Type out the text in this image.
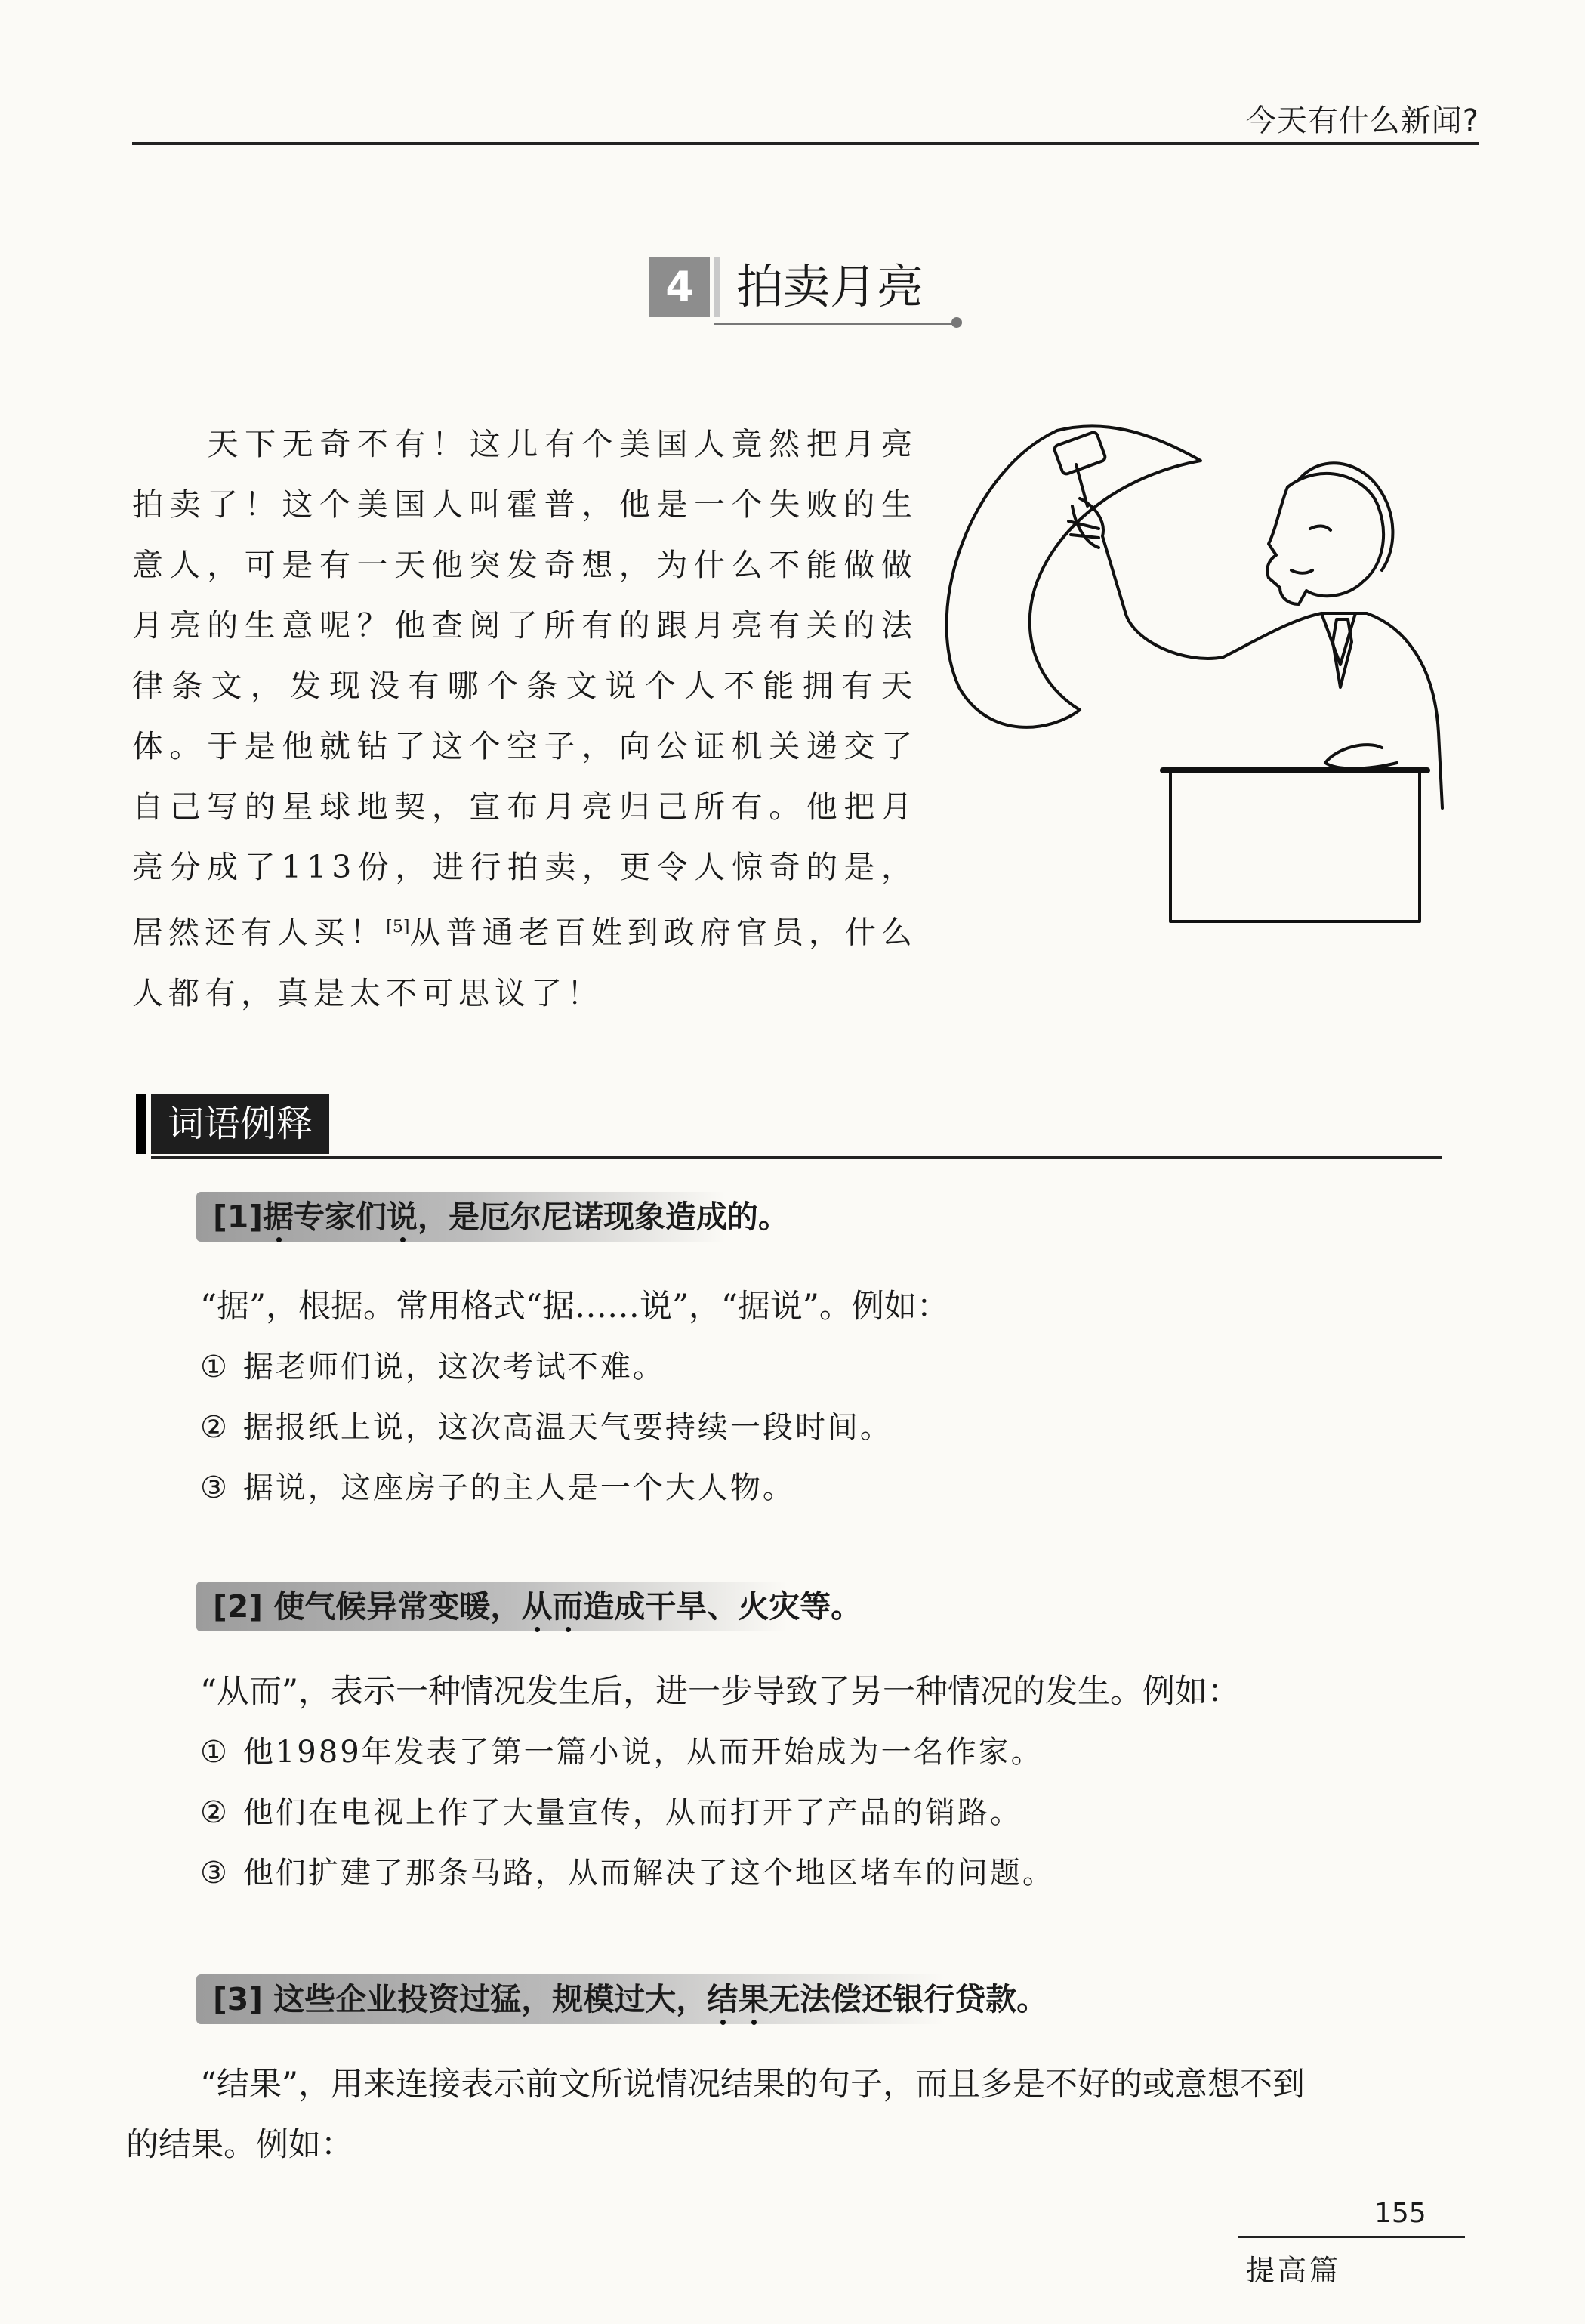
今天有什么新闻?
4 拍卖月亮

天下无奇不有！这儿有个美国人竟然把月亮拍卖了！这个美国人叫霍普，他是一个失败的生意人，可是有一天他突发奇想，为什么不能做做月亮的生意呢？他查阅了所有的跟月亮有关的法律条文，发现没有哪个条文说个人不能拥有天体。于是他就钻了这个空子，向公证机关递交了自己写的星球地契，宣布月亮归己所有。他把月亮分成了113份，进行拍卖，更令人惊奇的是，居然还有人买！[5]从普通老百姓到政府官员，什么人都有，真是太不可思议了！

词语例释
[1]据专家们说，是厄尔尼诺现象造成的。
“据”，根据。常用格式“据……说”，“据说”。例如：
① 据老师们说，这次考试不难。
② 据报纸上说，这次高温天气要持续一段时间。
③ 据说，这座房子的主人是一个大人物。
[2] 使气候异常变暖，从而造成干旱、火灾等。
“从而”，表示一种情况发生后，进一步导致了另一种情况的发生。例如：
① 他1989年发表了第一篇小说，从而开始成为一名作家。
② 他们在电视上作了大量宣传，从而打开了产品的销路。
③ 他们扩建了那条马路，从而解决了这个地区堵车的问题。
[3] 这些企业投资过猛，规模过大，结果无法偿还银行贷款。
“结果”，用来连接表示前文所说情况结果的句子，而且多是不好的或意想不到
的结果。例如：
155
提高篇
